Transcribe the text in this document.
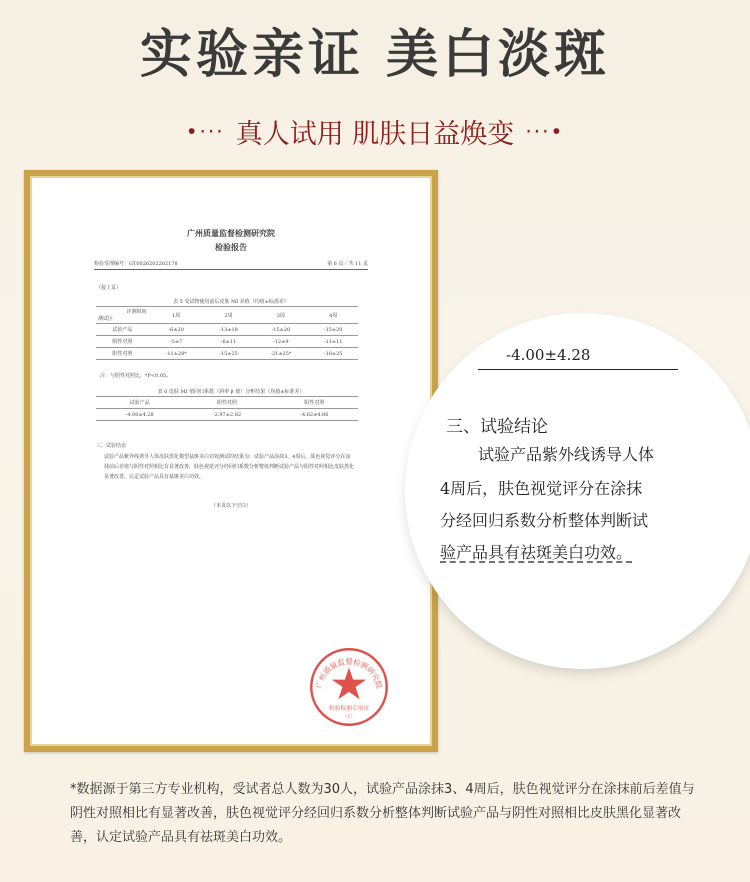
实验亲证 美白淡斑
•··· 真人试用 肌肤日益焕变 ···•
广州质量监督检测研究院
检验报告
检验受理编号：GT0026202202178	第 6 页／共 11 页
（接上页）
表 5 受试物使用前后皮肤 MI 差值（均值±标准差）
评测时间
测试区	1周	2周	3周	4周
试验产品	-6±20	-13±18	-15±20	-15±20
阴性对照	-5±7	-6±11	-12±9	-11±11
阳性对照	-11±28*	-15±25	-21±25*	-18±25
注：与阴性对照比，*P<0.05。
表 6 皮肤 MI 值回归系数（斜率 β 值）分析结果（均值±标准差）
试验产品	阴性对照	阳性对照
-4.00±4.28	-2.97±2.82	-4.62±4.86
三、试验结论
试验产品紫外线诱导人体皮肤黑化模型祛斑美白功效测试的结果为：试验产品涂抹3、4周后，肤色视觉评分在涂抹前后差值与阴性对照相比有显著改善，肤色视觉评分经回归系数分析整体判断试验产品与阴性对照相比皮肤黑化显著改善，认定试验产品具有祛斑美白功效。
（本页以下空白）
广州质量监督检测研究院
检验检测专用章
（1）
-4.00±4.28
三、试验结论
试验产品紫外线诱导人体
4周后，肤色视觉评分在涂抹
分经回归系数分析整体判断试
验产品具有祛斑美白功效。
*数据源于第三方专业机构，受试者总人数为30人，试验产品涂抹3、4周后，肤色视觉评分在涂抹前后差值与阴性对照相比有显著改善，肤色视觉评分经回归系数分析整体判断试验产品与阴性对照相比皮肤黑化显著改善，认定试验产品具有祛斑美白功效。
